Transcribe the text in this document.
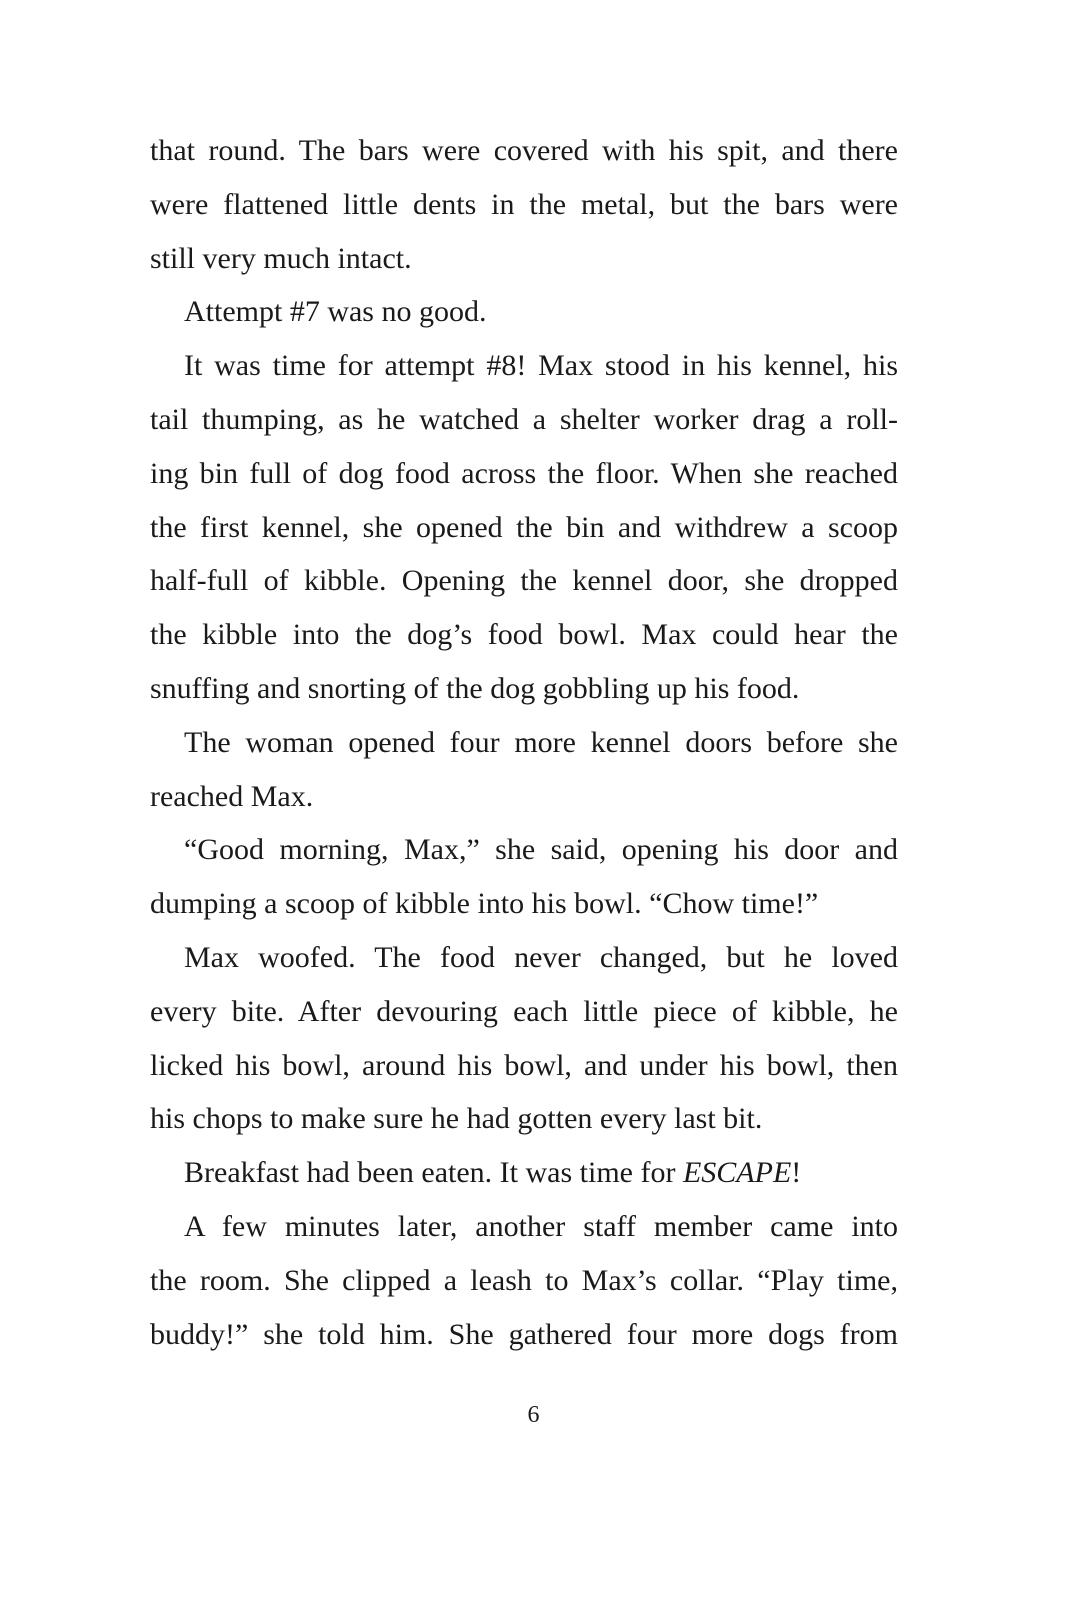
that round. The bars were covered with his spit, and there
were flattened little dents in the metal, but the bars were
still very much intact.
Attempt #7 was no good.
It was time for attempt #8! Max stood in his kennel, his
tail thumping, as he watched a shelter worker drag a roll-
ing bin full of dog food across the floor. When she reached
the first kennel, she opened the bin and withdrew a scoop
half-full of kibble. Opening the kennel door, she dropped
the kibble into the dog’s food bowl. Max could hear the
snuffing and snorting of the dog gobbling up his food.
The woman opened four more kennel doors before she
reached Max.
“Good morning, Max,” she said, opening his door and
dumping a scoop of kibble into his bowl. “Chow time!”
Max woofed. The food never changed, but he loved
every bite. After devouring each little piece of kibble, he
licked his bowl, around his bowl, and under his bowl, then
his chops to make sure he had gotten every last bit.
Breakfast had been eaten. It was time for ESCAPE!
A few minutes later, another staff member came into
the room. She clipped a leash to Max’s collar. “Play time,
buddy!” she told him. She gathered four more dogs from
6
